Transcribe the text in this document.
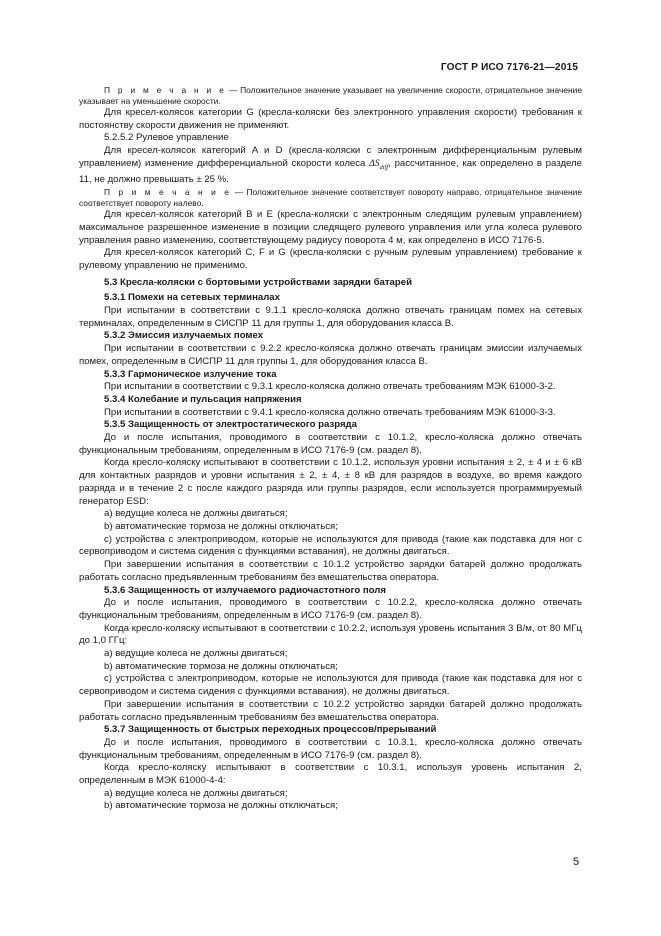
ГОСТ Р ИСО 7176-21—2015

П р и м е ч а н и е — Положительное значение указывает на увеличение скорости, отрицательное значение указывает на уменьшение скорости.

Для кресел-колясок категории G (кресла-коляски без электронного управления скорости) требования к постоянству скорости движения не применяют.

5.2.5.2 Рулевое управление

Для кресел-колясок категорий A и D (кресла-коляски с электронным дифференциальным рулевым управлением) изменение дифференциальной скорости колеса $\Delta S_{diff}$, рассчитанное, как определено в разделе 11, не должно превышать ± 25 %.

П р и м е ч а н и е — Положительное значение соответствует повороту направо, отрицательное значение соответствует повороту налево.

Для кресел-колясок категорий B и E (кресла-коляски с электронным следящим рулевым управлением) максимальное разрешенное изменение в позиции следящего рулевого управления или угла колеса рулевого управления равно изменению, соответствующему радиусу поворота 4 м, как определено в ИСО 7176-5.

Для кресел-колясок категорий C, F и G (кресла-коляски с ручным рулевым управлением) требование к рулевому управлению не применимо.

5.3 Кресла-коляски с бортовыми устройствами зарядки батарей

5.3.1 Помехи на сетевых терминалах

При испытании в соответствии с 9.1.1 кресло-коляска должно отвечать границам помех на сетевых терминалах, определенным в СИСПР 11 для группы 1, для оборудования класса B.

5.3.2 Эмиссия излучаемых помех

При испытании в соответствии с 9.2.2 кресло-коляска должно отвечать границам эмиссии излучаемых помех, определенным в СИСПР 11 для группы 1, для оборудования класса B.

5.3.3 Гармоническое излучение тока

При испытании в соответствии с 9.3.1 кресло-коляска должно отвечать требованиям МЭК 61000-3-2.

5.3.4 Колебание и пульсация напряжения

При испытании в соответствии с 9.4.1 кресло-коляска должно отвечать требованиям МЭК 61000-3-3.

5.3.5 Защищенность от электростатического разряда

До и после испытания, проводимого в соответствии с 10.1.2, кресло-коляска должно отвечать функциональным требованиям, определенным в ИСО 7176-9 (см. раздел 8).

Когда кресло-коляску испытывают в соответствии с 10.1.2, используя уровни испытания ± 2, ± 4 и ± 6 кВ для контактных разрядов и уровни испытания ± 2, ± 4, ± 8 кВ для разрядов в воздухе, во время каждого разряда и в течение 2 с после каждого разряда или группы разрядов, если используется программируемый генератор ESD:

a) ведущие колеса не должны двигаться;

b) автоматические тормоза не должны отключаться;

c) устройства с электроприводом, которые не используются для привода (такие как подставка для ног с сервоприводом и система сидения с функциями вставания), не должны двигаться.

При завершении испытания в соответствии с 10.1.2 устройство зарядки батарей должно продолжать работать согласно предъявленным требованиям без вмешательства оператора.

5.3.6 Защищенность от излучаемого радиочастотного поля

До и после испытания, проводимого в соответствии с 10.2.2, кресло-коляска должно отвечать функциональным требованиям, определенным в ИСО 7176-9 (см. раздел 8).

Когда кресло-коляску испытывают в соответствии с 10.2.2, используя уровень испытания 3 В/м, от 80 МГц до 1,0 ГГц:

a) ведущие колеса не должны двигаться;

b) автоматические тормоза не должны отключаться;

c) устройства с электроприводом, которые не используются для привода (такие как подставка для ног с сервоприводом и система сидения с функциями вставания), не должны двигаться.

При завершении испытания в соответствии с 10.2.2 устройство зарядки батарей должно продолжать работать согласно предъявленным требованиям без вмешательства оператора.

5.3.7 Защищенность от быстрых переходных процессов/прерываний

До и после испытания, проводимого в соответствии с 10.3.1, кресло-коляска должно отвечать функциональным требованиям, определенным в ИСО 7176-9 (см. раздел 8).

Когда кресло-коляску испытывают в соответствии с 10.3.1, используя уровень испытания 2, определенным в МЭК 61000-4-4:

a) ведущие колеса не должны двигаться;

b) автоматические тормоза не должны отключаться;

5
